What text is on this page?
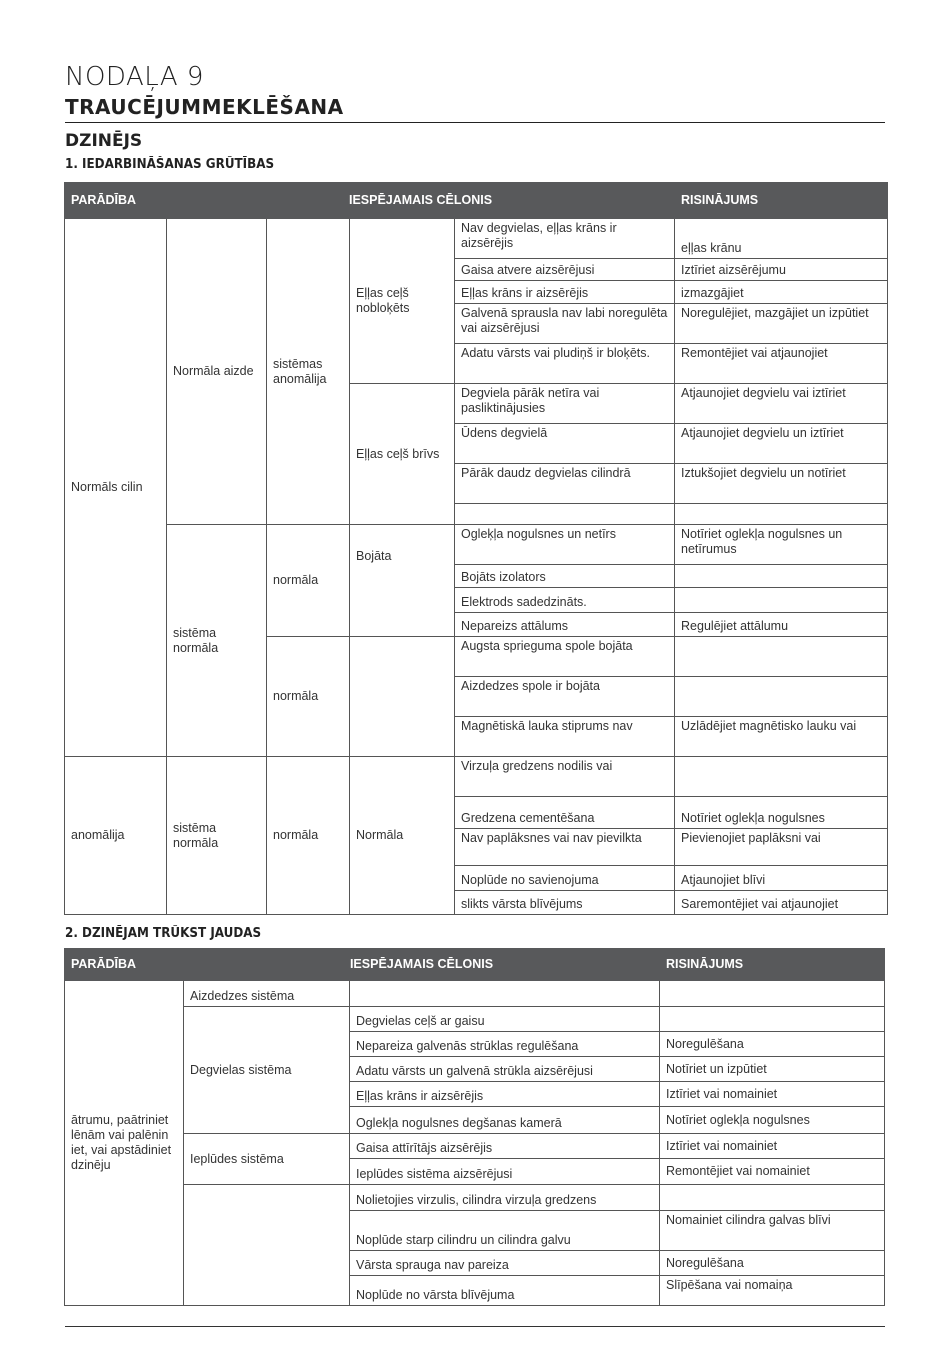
NODAĻA 9
TRAUCĒJUMMEKLĒŠANA
DZINĒJS
1. IEDARBINĀŠANAS GRŪTĪBAS
PARĀDĪBA	IESPĒJAMAIS CĒLONIS				RISINĀJUMS
Normāls cilin	Normāla aizde	sistēmas anomālija	Eļļas ceļš nobloķēts	Nav degvielas, eļļas krāns ir aizsērējis	eļļas krānu
				Gaisa atvere aizsērējusi	Iztīriet aizsērējumu
				Eļļas krāns ir aizsērējis	izmazgājiet
				Galvenā sprausla nav labi noregulēta vai aizsērējusi	Noregulējiet, mazgājiet un izpūtiet
				Adatu vārsts vai pludiņš ir bloķēts.	Remontējiet vai atjaunojiet
			Eļļas ceļš brīvs	Degviela pārāk netīra vai pasliktinājusies	Atjaunojiet degvielu vai iztīriet
				Ūdens degvielā	Atjaunojiet degvielu un iztīriet
				Pārāk daudz degvielas cilindrā	Iztukšojiet degvielu un notīriet

	sistēma normāla	normāla	Bojāta	Ogleķļa nogulsnes un netīrs	Notīriet oglekļa nogulsnes un netīrumus
				Bojāts izolators	
				Elektrods sadedzināts.	
				Nepareizs attālums	Regulējiet attālumu
		normāla		Augsta sprieguma spole bojāta	
				Aizdedzes spole ir bojāta	
				Magnētiskā lauka stiprums nav	Uzlādējiet magnētisko lauku vai
anomālija	sistēma normāla	normāla	Normāla	Virzuļa gredzens nodilis vai	
				Gredzena cementēšana	Notīriet oglekļa nogulsnes
				Nav paplāksnes vai nav pievilkta	Pievienojiet paplāksni vai
				Noplūde no savienojuma	Atjaunojiet blīvi
				slikts vārsta blīvējums	Saremontējiet vai atjaunojiet
2. DZINĒJAM TRŪKST JAUDAS
PARĀDĪBA	IESPĒJAMAIS CĒLONIS		RISINĀJUMS
ātrumu, paātriniet lēnām vai palēnin iet, vai apstādiniet dzinēju	Aizdedzes sistēma		
	Degvielas sistēma	Degvielas ceļš ar gaisu	
		Nepareiza galvenās strūklas regulēšana	Noregulēšana
		Adatu vārsts un galvenā strūkla aizsērējusi	Notīriet un izpūtiet
		Eļļas krāns ir aizsērējis	Iztīriet vai nomainiet
		Oglekļa nogulsnes degšanas kamerā	Notīriet oglekļa nogulsnes
	Ieplūdes sistēma	Gaisa attīrītājs aizsērējis	Iztīriet vai nomainiet
		Ieplūdes sistēma aizsērējusi	Remontējiet vai nomainiet
		Nolietojies virzulis, cilindra virzuļa gredzens	
		Noplūde starp cilindru un cilindra galvu	Nomainiet cilindra galvas blīvi
		Vārsta sprauga nav pareiza	Noregulēšana
		Noplūde no vārsta blīvējuma	Slīpēšana vai nomaiņa
